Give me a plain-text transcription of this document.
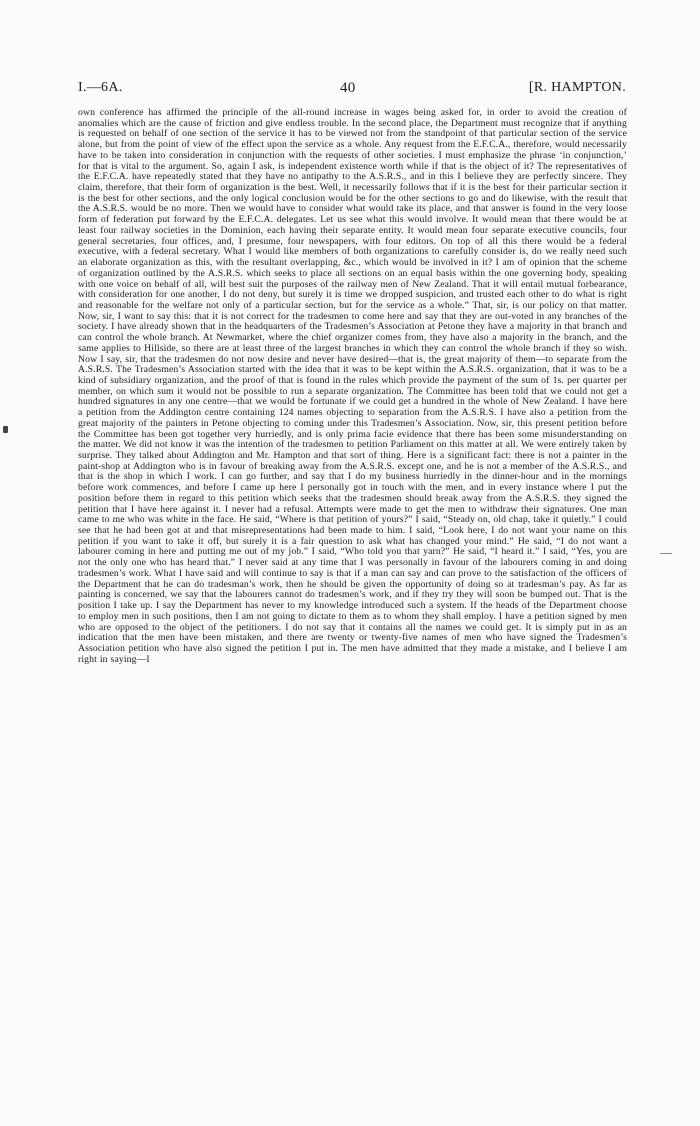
I.—6A.	40	[R. HAMPTON.

own conference has affirmed the principle of the all-round increase in wages being asked for, in order to avoid the creation of anomalies which are the cause of friction and give endless trouble. In the second place, the Department must recognize that if anything is requested on behalf of one section of the service it has to be viewed not from the standpoint of that particular section of the service alone, but from the point of view of the effect upon the service as a whole. Any request from the E.F.C.A., therefore, would necessarily have to be taken into consideration in conjunction with the requests of other societies. I must emphasize the phrase ‘in conjunction,’ for that is vital to the argument. So, again I ask, is independent existence worth while if that is the object of it? The representatives of the E.F.C.A. have repeatedly stated that they have no antipathy to the A.S.R.S., and in this I believe they are perfectly sincere. They claim, therefore, that their form of organization is the best. Well, it necessarily follows that if it is the best for their particular section it is the best for other sections, and the only logical conclusion would be for the other sections to go and do likewise, with the result that the A.S.R.S. would be no more. Then we would have to consider what would take its place, and that answer is found in the very loose form of federation put forward by the E.F.C.A. delegates. Let us see what this would involve. It would mean that there would be at least four railway societies in the Dominion, each having their separate entity. It would mean four separate executive councils, four general secretaries, four offices, and, I presume, four newspapers, with four editors. On top of all this there would be a federal executive, with a federal secretary. What I would like members of both organizations to carefully consider is, do we really need such an elaborate organization as this, with the resultant overlapping, &c., which would be involved in it? I am of opinion that the scheme of organization outlined by the A.S.R.S. which seeks to place all sections on an equal basis within the one governing body, speaking with one voice on behalf of all, will best suit the purposes of the railway men of New Zealand. That it will entail mutual forbearance, with consideration for one another, I do not deny, but surely it is time we dropped suspicion, and trusted each other to do what is right and reasonable for the welfare not only of a particular section, but for the service as a whole.” That, sir, is our policy on that matter. Now, sir, I want to say this: that it is not correct for the tradesmen to come here and say that they are out-voted in any branches of the society. I have already shown that in the headquarters of the Tradesmen’s Association at Petone they have a majority in that branch and can control the whole branch. At Newmarket, where the chief organizer comes from, they have also a majority in the branch, and the same applies to Hillside, so there are at least three of the largest branches in which they can control the whole branch if they so wish. Now I say, sir, that the tradesmen do not now desire and never have desired—that is, the great majority of them—to separate from the A.S.R.S. The Tradesmen’s Association started with the idea that it was to be kept within the A.S.R.S. organization, that it was to be a kind of subsidiary organization, and the proof of that is found in the rules which provide the payment of the sum of 1s. per quarter per member, on which sum it would not be possible to run a separate organization. The Committee has been told that we could not get a hundred signatures in any one centre—that we would be fortunate if we could get a hundred in the whole of New Zealand. I have here a petition from the Addington centre containing 124 names objecting to separation from the A.S.R.S. I have also a petition from the great majority of the painters in Petone objecting to coming under this Tradesmen’s Association. Now, sir, this present petition before the Committee has been got together very hurriedly, and is only prima facie evidence that there has been some misunderstanding on the matter. We did not know it was the intention of the tradesmen to petition Parliament on this matter at all. We were entirely taken by surprise. They talked about Addington and Mr. Hampton and that sort of thing. Here is a significant fact: there is not a painter in the paint-shop at Addington who is in favour of breaking away from the A.S.R.S. except one, and he is not a member of the A.S.R.S., and that is the shop in which I work. I can go further, and say that I do my business hurriedly in the dinner-hour and in the mornings before work commences, and before I came up here I personally got in touch with the men, and in every instance where I put the position before them in regard to this petition which seeks that the tradesmen should break away from the A.S.R.S. they signed the petition that I have here against it. I never had a refusal. Attempts were made to get the men to withdraw their signatures. One man came to me who was white in the face. He said, “Where is that petition of yours?” I said, “Steady on, old chap, take it quietly.” I could see that he had been got at and that misrepresentations had been made to him. I said, “Look here, I do not want your name on this petition if you want to take it off, but surely it is a fair question to ask what has changed your mind.” He said, “I do not want a labourer coming in here and putting me out of my job.” I said, “Who told you that yarn?” He said, “I heard it.” I said, “Yes, you are not the only one who has heard that.” I never said at any time that I was personally in favour of the labourers coming in and doing tradesmen’s work. What I have said and will continue to say is that if a man can say and can prove to the satisfaction of the officers of the Department that he can do tradesman’s work, then he should be given the opportunity of doing so at tradesman’s pay. As far as painting is concerned, we say that the labourers cannot do tradesmen’s work, and if they try they will soon be bumped out. That is the position I take up. I say the Department has never to my knowledge introduced such a system. If the heads of the Department choose to employ men in such positions, then I am not going to dictate to them as to whom they shall employ. I have a petition signed by men who are opposed to the object of the petitioners. I do not say that it contains all the names we could get. It is simply put in as an indication that the men have been mistaken, and there are twenty or twenty-five names of men who have signed the Tradesmen’s Association petition who have also signed the petition I put in. The men have admitted that they made a mistake, and I believe I am right in saying—I
